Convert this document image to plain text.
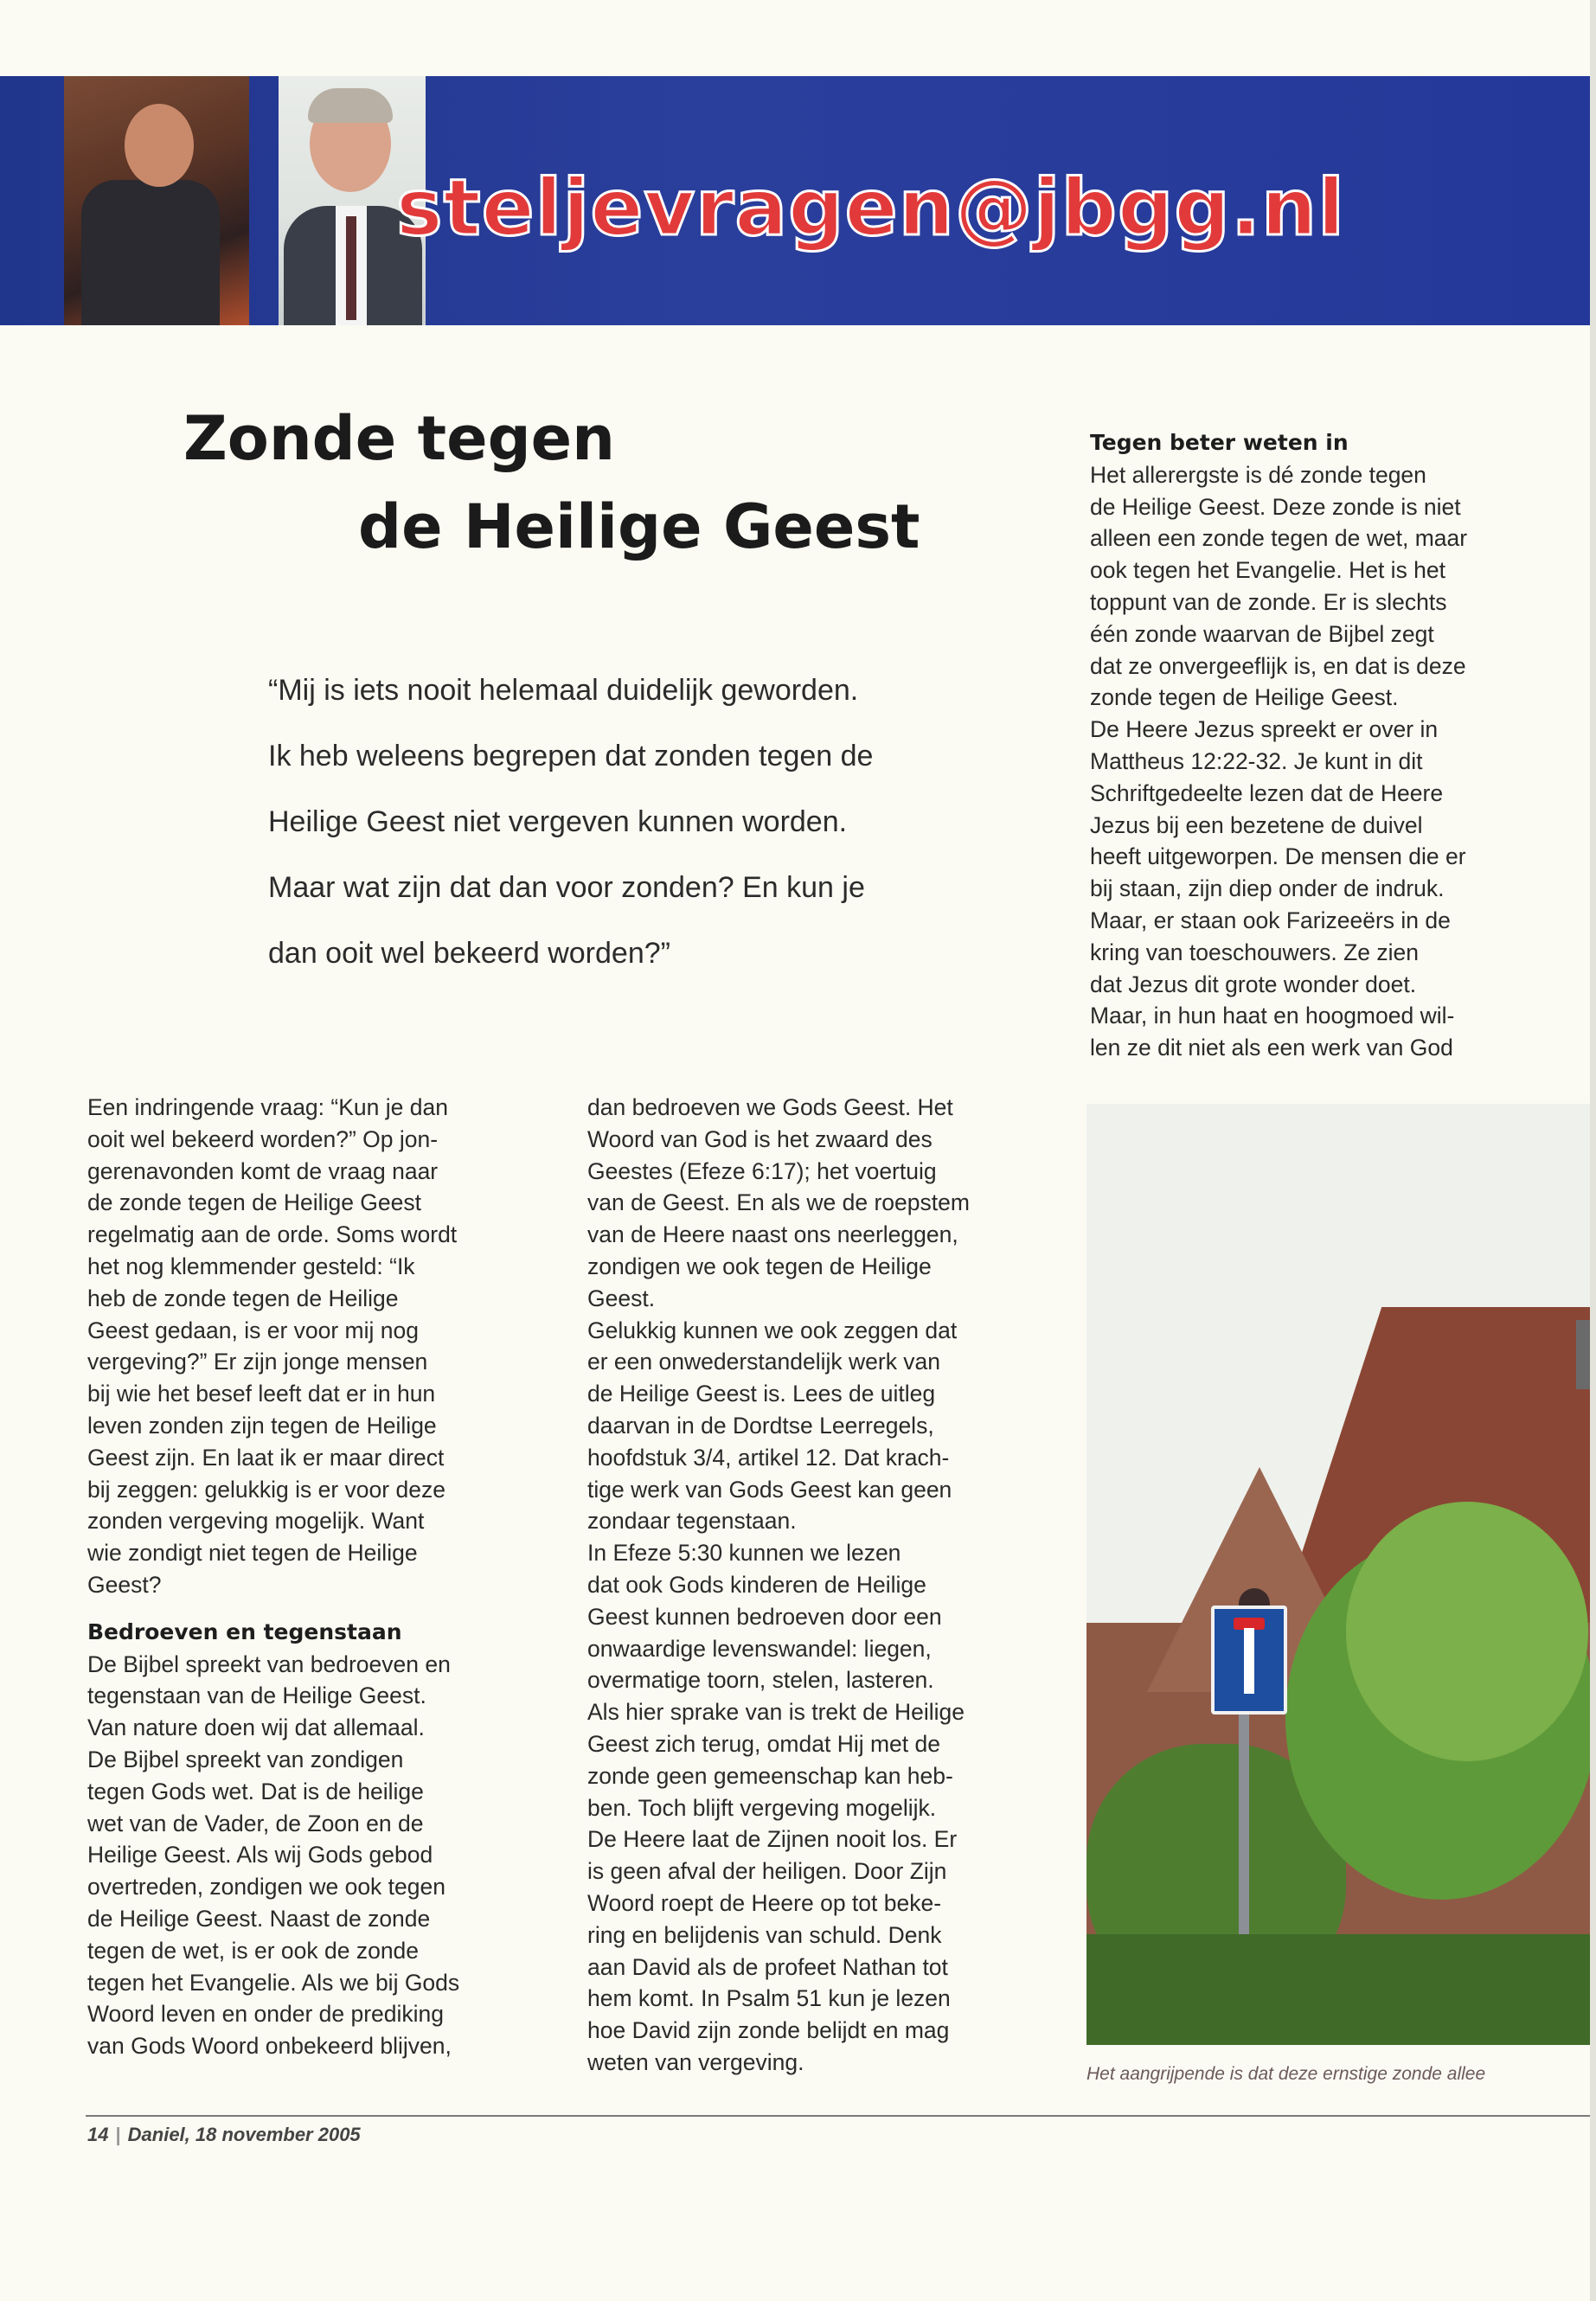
steljevragen@jbgg.nl
Zonde tegen
de Heilige Geest
“Mij is iets nooit helemaal duidelijk geworden.
Ik heb weleens begrepen dat zonden tegen de
Heilige Geest niet vergeven kunnen worden.
Maar wat zijn dat dan voor zonden? En kun je
dan ooit wel bekeerd worden?”
Een indringende vraag: “Kun je dan
ooit wel bekeerd worden?” Op jon-
gerenavonden komt de vraag naar
de zonde tegen de Heilige Geest
regelmatig aan de orde. Soms wordt
het nog klemmender gesteld: “Ik
heb de zonde tegen de Heilige
Geest gedaan, is er voor mij nog
vergeving?” Er zijn jonge mensen
bij wie het besef leeft dat er in hun
leven zonden zijn tegen de Heilige
Geest zijn. En laat ik er maar direct
bij zeggen: gelukkig is er voor deze
zonden vergeving mogelijk. Want
wie zondigt niet tegen de Heilige
Geest?
Bedroeven en tegenstaan
De Bijbel spreekt van bedroeven en
tegenstaan van de Heilige Geest.
Van nature doen wij dat allemaal.
De Bijbel spreekt van zondigen
tegen Gods wet. Dat is de heilige
wet van de Vader, de Zoon en de
Heilige Geest. Als wij Gods gebod
overtreden, zondigen we ook tegen
de Heilige Geest. Naast de zonde
tegen de wet, is er ook de zonde
tegen het Evangelie. Als we bij Gods
Woord leven en onder de prediking
van Gods Woord onbekeerd blijven,
dan bedroeven we Gods Geest. Het
Woord van God is het zwaard des
Geestes (Efeze 6:17); het voertuig
van de Geest. En als we de roepstem
van de Heere naast ons neerleggen,
zondigen we ook tegen de Heilige
Geest.
Gelukkig kunnen we ook zeggen dat
er een onwederstandelijk werk van
de Heilige Geest is. Lees de uitleg
daarvan in de Dordtse Leerregels,
hoofdstuk 3/4, artikel 12. Dat krach-
tige werk van Gods Geest kan geen
zondaar tegenstaan.
In Efeze 5:30 kunnen we lezen
dat ook Gods kinderen de Heilige
Geest kunnen bedroeven door een
onwaardige levenswandel: liegen,
overmatige toorn, stelen, lasteren.
Als hier sprake van is trekt de Heilige
Geest zich terug, omdat Hij met de
zonde geen gemeenschap kan heb-
ben. Toch blijft vergeving mogelijk.
De Heere laat de Zijnen nooit los. Er
is geen afval der heiligen. Door Zijn
Woord roept de Heere op tot beke-
ring en belijdenis van schuld. Denk
aan David als de profeet Nathan tot
hem komt. In Psalm 51 kun je lezen
hoe David zijn zonde belijdt en mag
weten van vergeving.
Tegen beter weten in
Het allerergste is dé zonde tegen
de Heilige Geest. Deze zonde is niet
alleen een zonde tegen de wet, maar
ook tegen het Evangelie. Het is het
toppunt van de zonde. Er is slechts
één zonde waarvan de Bijbel zegt
dat ze onvergeeflijk is, en dat is deze
zonde tegen de Heilige Geest.
De Heere Jezus spreekt er over in
Mattheus 12:22-32. Je kunt in dit
Schriftgedeelte lezen dat de Heere
Jezus bij een bezetene de duivel
heeft uitgeworpen. De mensen die er
bij staan, zijn diep onder de indruk.
Maar, er staan ook Farizeeërs in de
kring van toeschouwers. Ze zien
dat Jezus dit grote wonder doet.
Maar, in hun haat en hoogmoed wil-
len ze dit niet als een werk van God
Het aangrijpende is dat deze ernstige zonde allee
14 | Daniel, 18 november 2005
